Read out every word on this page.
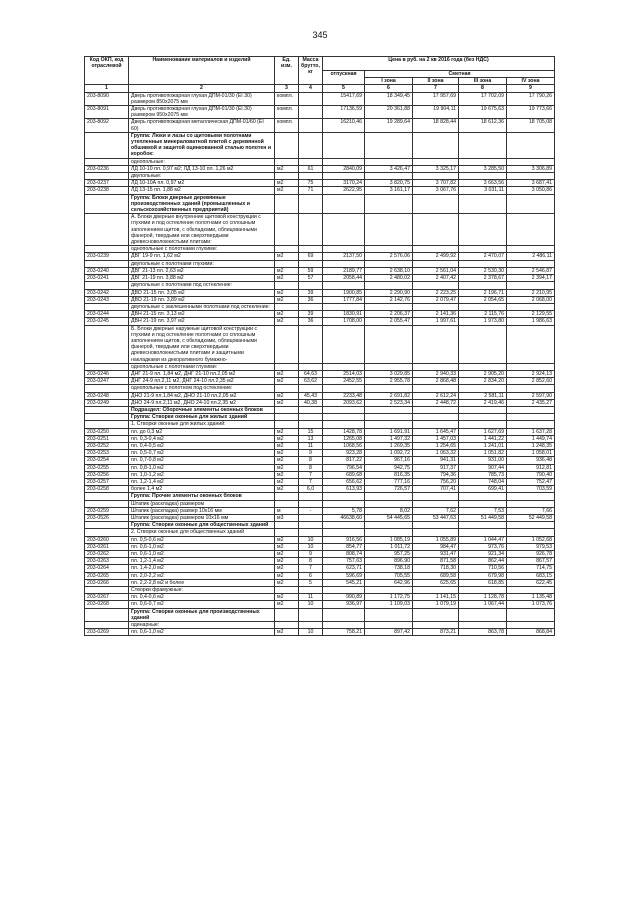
345
Код ОКП, код отраслевой	Наименование материалов и изделий	Ед. изм.	Масса брутто, кг	Цена в руб. на 2 кв 2016 года (без НДС)				
				отпускная	Сметная			
					I зона	II зона	III зона	IV зона
1	2	3	4	5	6	7	8	9
203-8090	Дверь противопожарная глухая ДПМ-01/30 (EI 30) размером 850х2075 мм	компл.		15417,69	18 349,45	17 957,69	17 702,09	17 790,26
203-8091	Дверь противопожарная глухая ДПМ-01/30 (EI 30) размером 950х2075 мм	компл.		17136,59	20 361,88	19 904,11	19 675,63	19 773,66
203-8092	Дверь противопожарная металлическая ДПМ-01/60 (EI 60)	компл.		16210,46	19 289,64	18 828,44	18 612,36	18 705,08
	Группа: Люки и лазы со щитовыми полотнами утепленные минераловатной плитой с деревянной обшивкой и защитой оцинкованной сталью полотен и коробок:							
	однопольные:							
203-0236	ЛД 10-10 пл. 0,97 м2; ЛД 13-10 пл. 1,26 м2	м2	61	2840,09	3 426,47	3 325,17	3 285,50	3 306,89
	двупольные:							
203-0237	ЛД 10-10А пл. 0,97 м2	м2	75	3170,24	3 820,75	3 707,82	3 663,56	3 687,41
203-0238	ЛД 13-15 пл. 1,88 м2	м2	71	2622,95	3 161,17	3 067,76	3 031,11	3 050,86
	Группа: Блоки дверные деревянные производственных зданий (промышленных и сельскохозяйственных предприятий)							
	А. Блоки дверные внутренние щитовой конструкции с глухими и под остекление полотнами со сплошным заполнением щитов, с обкладками, облицованными фанерой, твердыми или сверхтвердыми древесноволокнистыми плитами:							
	однопольные с полотнами глухими:							
203-0239	ДВГ 19-9 пл. 1,62 м2	м2	69	2137,50	2 576,06	2 499,92	2 470,07	2 486,11
	двупольные с полотнами глухими:							
203-0240	ДВГ 21-13 пл. 2,63 м2	м2	59	2189,77	2 638,10	2 561,04	2 530,30	2 546,87
203-0241	ДВГ 21-19 пл. 3,88 м2	м2	57	2058,44	2 480,02	2 407,42	2 378,67	2 394,17
	двупольные с полотнами под остекление:							
203-0242	ДВО 21-15 пл. 3,05 м2	м2	39	1900,85	2 290,90	2 223,25	2 196,71	2 210,95
203-0243	ДВО 21-19 пл. 3,89 м2	м2	36	1777,84	2 142,76	2 079,47	2 054,65	2 068,00
	двупольные с заклешенными полотнами под остекление:							
203-0244	ДВН 21-15 пл. 3,13 м2	м2	39	1830,91	2 206,37	2 141,36	2 115,76	2 129,55
203-0245	ДВН 21-19 пл. 3,97 м2	м2	36	1708,00	2 055,47	1 997,61	1 973,80	1 986,63
	Б. Блоки дверные наружные щитовой конструкции с глухими и под остекление полотнами со сплошным заполнением щитов, с обкладками, облицованными фанерой, твердыми или сверхтвердыми древесноволокнистыми плитами и защитными накладками из декоративного бумажно-							
	однопольные с полотнами глухими:							
203-0246	ДНГ 21-9 пл. 1,84 м2, ДНГ 21-10 пл.2,05 м2	м2	64,63	2514,03	3 029,85	2 940,33	2 905,20	2 924,13
203-0247	ДНГ 24-9 пл.2,11 м2, ДНГ 24-10 пл.2,35 м2	м2	63,62	2452,55	2 955,78	2 868,48	2 834,20	2 852,60
	однопольные с полотном под остекление:							
203-0248	ДНО 21-9 пл.1,84 м2, ДНО 21-10 пл.2,05 м2	м2	45,43	2233,48	2 691,82	2 612,24	2 581,11	2 597,90
203-0249	ДНО 24-9 пл.2,11 м2, ДНО 24-10 пл.2,35 м2	м2	40,38	2093,62	2 523,34	2 448,72	2 419,46	2 435,27
	Подраздел: Сборочные элементы оконных блоков							
	Группа: Створки оконные для жилых зданий							
	1. Створки оконные для жилых зданий:							
203-0250	пл. до 0,3 м2	м2	15	1428,78	1 691,91	1 645,47	1 627,69	1 637,28
203-0251	пл. 0,3-0,4 м2	м2	13	1265,08	1 497,32	1 457,03	1 441,22	1 449,74
203-0252	пл. 0,4-0,5 м2	м2	11	1068,56	1 269,35	1 254,65	1 241,01	1 248,35
203-0253	пл. 0,5-0,7 м2	м2	9	923,28	1 092,72	1 063,32	1 051,82	1 058,01
203-0254	пл. 0,7-0,8 м2	м2	8	817,22	967,16	941,31	931,00	936,48
203-0255	пл. 0,8-1,0 м2	м2	8	796,54	942,75	917,37	907,44	912,81
203-0256	пл. 1,0-1,2 м2	м2	7	689,68	816,35	794,36	785,73	790,40
203-0257	пл. 1,2-1,4 м2	м2	7	656,62	777,16	756,20	748,04	752,47
203-0258	более 1,4 м2	м2	6,0	613,93	726,57	707,41	699,41	703,59
	Группа: Прочие элементы оконных блоков							
	Штапик (раскладка) размером							
203-0259	Штапик (раскладка) размер 10х16 мм	м	-	5,78	8,02	7,62	7,53	7,66
203-0526	Штапик (раскладка) размером 10х16 мм	м3		46638,60	54 445,65	53 447,63	51 449,58	52 449,58
	Группа: Створки оконные для общественных зданий							
	2. Створки оконные для общественных зданий							
203-0260	пл. 0,5-0,6 м2	м2	10	916,56	1 085,19	1 055,89	1 044,47	1 052,68
203-0261	пл. 0,6-1,0 м2	м2	10	854,77	1 011,72	984,47	973,76	979,53
203-0262	пл. 0,6-1,0 м2	м2	9	808,74	957,25	931,47	921,34	926,78
203-0263	пл. 1,2-1,4 м2	м2	8	757,63	896,90	871,58	862,44	867,57
203-0264	пл. 1,4-2,0 м2	м2	7	623,71	738,18	718,30	710,56	714,75
203-0265	пл. 2,0-2,2 м2	м2	6	596,69	705,55	689,58	679,98	683,15
203-0266	пл. 2,2-2,8 м2 и более	м2	5	545,21	642,96	625,65	618,85	622,45
	Створки фрамужные:							
203-0267	пл. 0,4-0,6 м2	м2	11	990,89	1 172,75	1 141,15	1 128,78	1 135,48
203-0268	пл. 0,6-0,7 м2	м2	10	936,97	1 109,03	1 079,19	1 067,44	1 073,76
	Группа: Створки оконные для производственных зданий							
	одинарные:							
203-0269	пл. 0,6-1,0 м2	м2	10	758,21	897,42	873,21	863,78	868,84
